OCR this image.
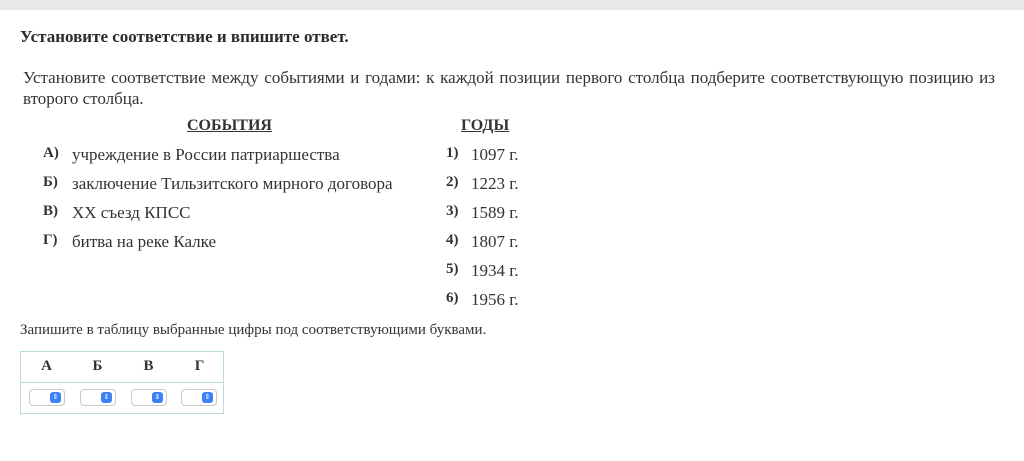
Установите соответствие и впишите ответ.
Установите соответствие между событиями и годами: к каждой позиции первого столбца подберите соответствующую позицию из второго столбца.
СОБЫТИЯ	ГОДЫ
А) учреждение в России патриаршества
Б) заключение Тильзитского мирного договора
В) XX съезд КПСС
Г) битва на реке Калке
1) 1097 г.
2) 1223 г.
3) 1589 г.
4) 1807 г.
5) 1934 г.
6) 1956 г.
Запишите в таблицу выбранные цифры под соответствующими буквами.
А	Б	В	Г
⇕	⇕	⇕	⇕
